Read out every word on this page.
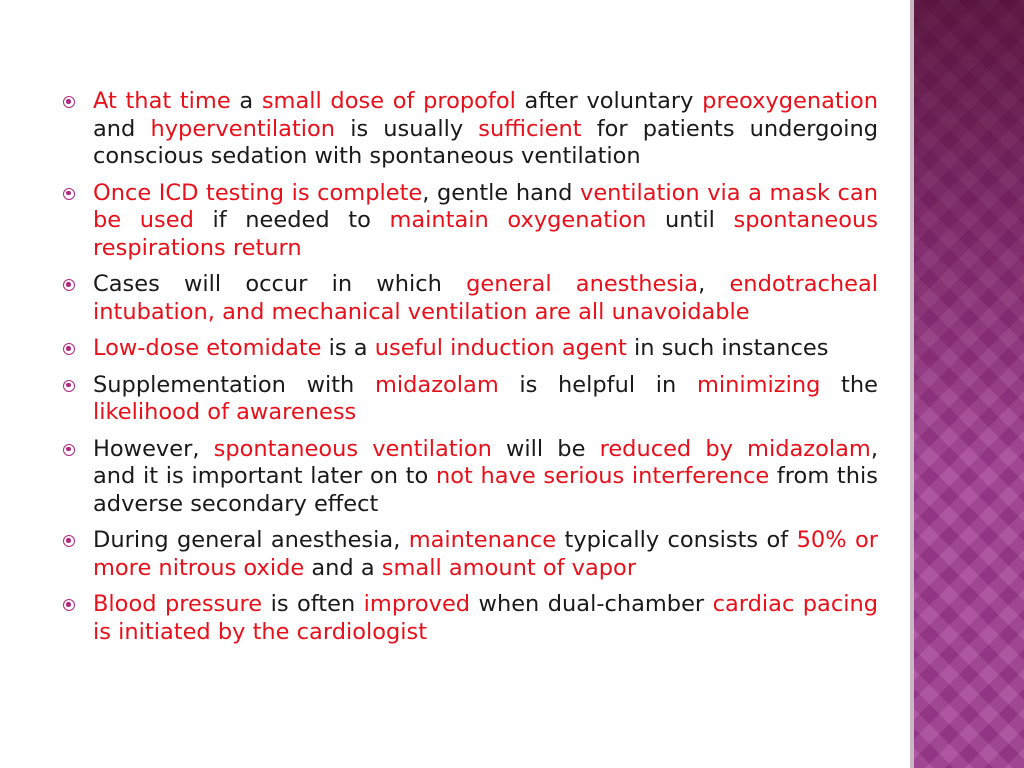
At that time a small dose of propofol after voluntary preoxygenation and hyperventilation is usually sufficient for patients undergoing conscious sedation with spontaneous ventilation
Once ICD testing is complete, gentle hand ventilation via a mask can be used if needed to maintain oxygenation until spontaneous respirations return
Cases will occur in which general anesthesia, endotracheal intubation, and mechanical ventilation are all unavoidable
Low-dose etomidate is a useful induction agent in such instances
Supplementation with midazolam is helpful in minimizing the likelihood of awareness
However, spontaneous ventilation will be reduced by midazolam, and it is important later on to not have serious interference from this adverse secondary effect
During general anesthesia, maintenance typically consists of 50% or more nitrous oxide and a small amount of vapor
Blood pressure is often improved when dual-chamber cardiac pacing is initiated by the cardiologist
